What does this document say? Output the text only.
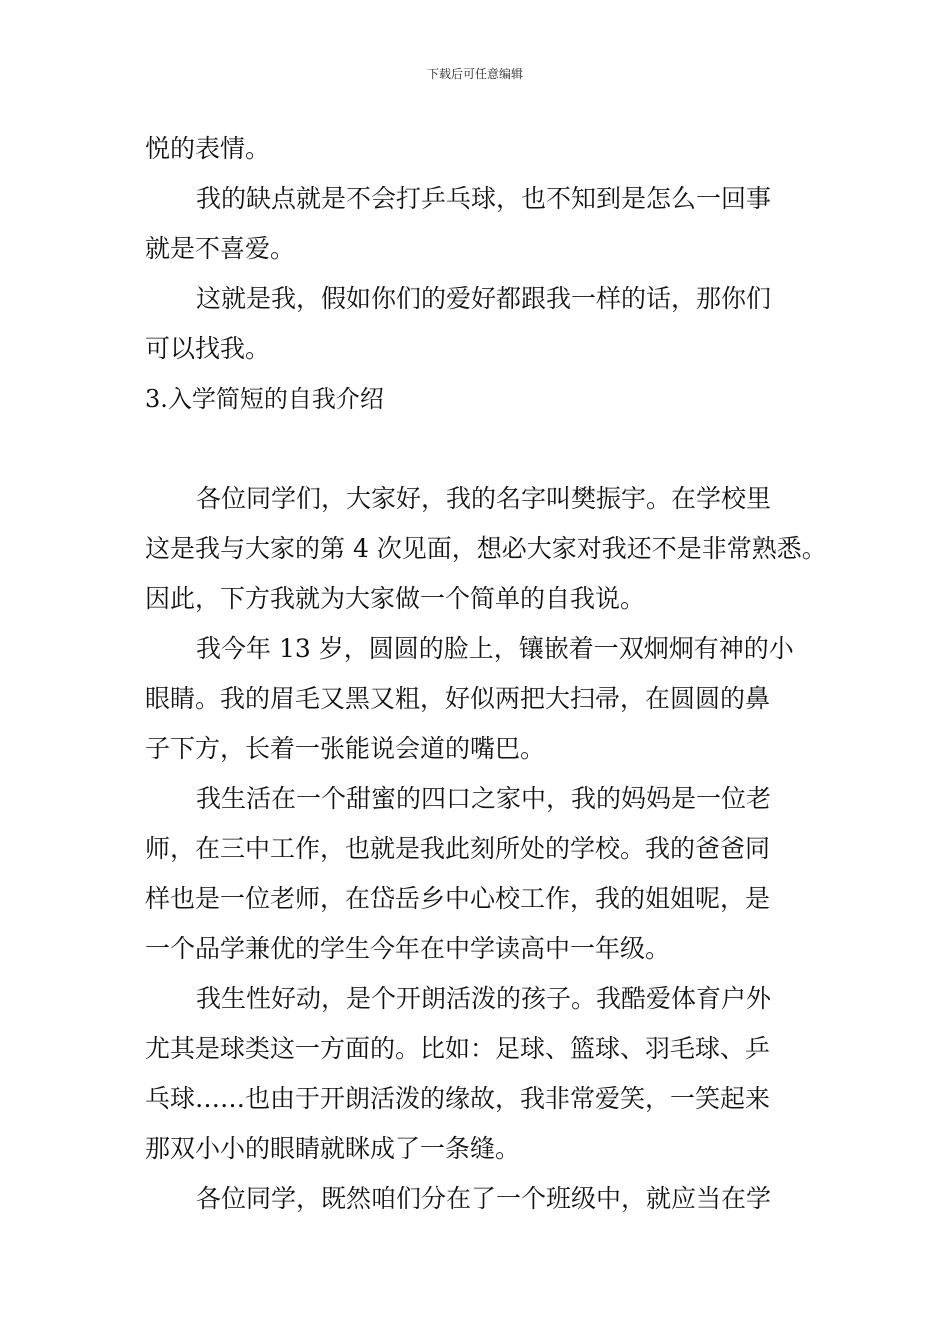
下载后可任意编辑
悦的表情。
我的缺点就是不会打乒乓球，也不知到是怎么一回事
就是不喜爱。
这就是我，假如你们的爱好都跟我一样的话，那你们
可以找我。
3.入学简短的自我介绍
各位同学们，大家好，我的名字叫樊振宇。在学校里
这是我与大家的第 4 次见面，想必大家对我还不是非常熟悉。
因此，下方我就为大家做一个简单的自我说。
我今年 13 岁，圆圆的脸上，镶嵌着一双炯炯有神的小
眼睛。我的眉毛又黑又粗，好似两把大扫帚，在圆圆的鼻
子下方，长着一张能说会道的嘴巴。
我生活在一个甜蜜的四口之家中，我的妈妈是一位老
师，在三中工作，也就是我此刻所处的学校。我的爸爸同
样也是一位老师，在岱岳乡中心校工作，我的姐姐呢，是
一个品学兼优的学生今年在中学读高中一年级。
我生性好动，是个开朗活泼的孩子。我酷爱体育户外
尤其是球类这一方面的。比如：足球、篮球、羽毛球、乒
乓球……也由于开朗活泼的缘故，我非常爱笑，一笑起来
那双小小的眼睛就眯成了一条缝。
各位同学，既然咱们分在了一个班级中，就应当在学
